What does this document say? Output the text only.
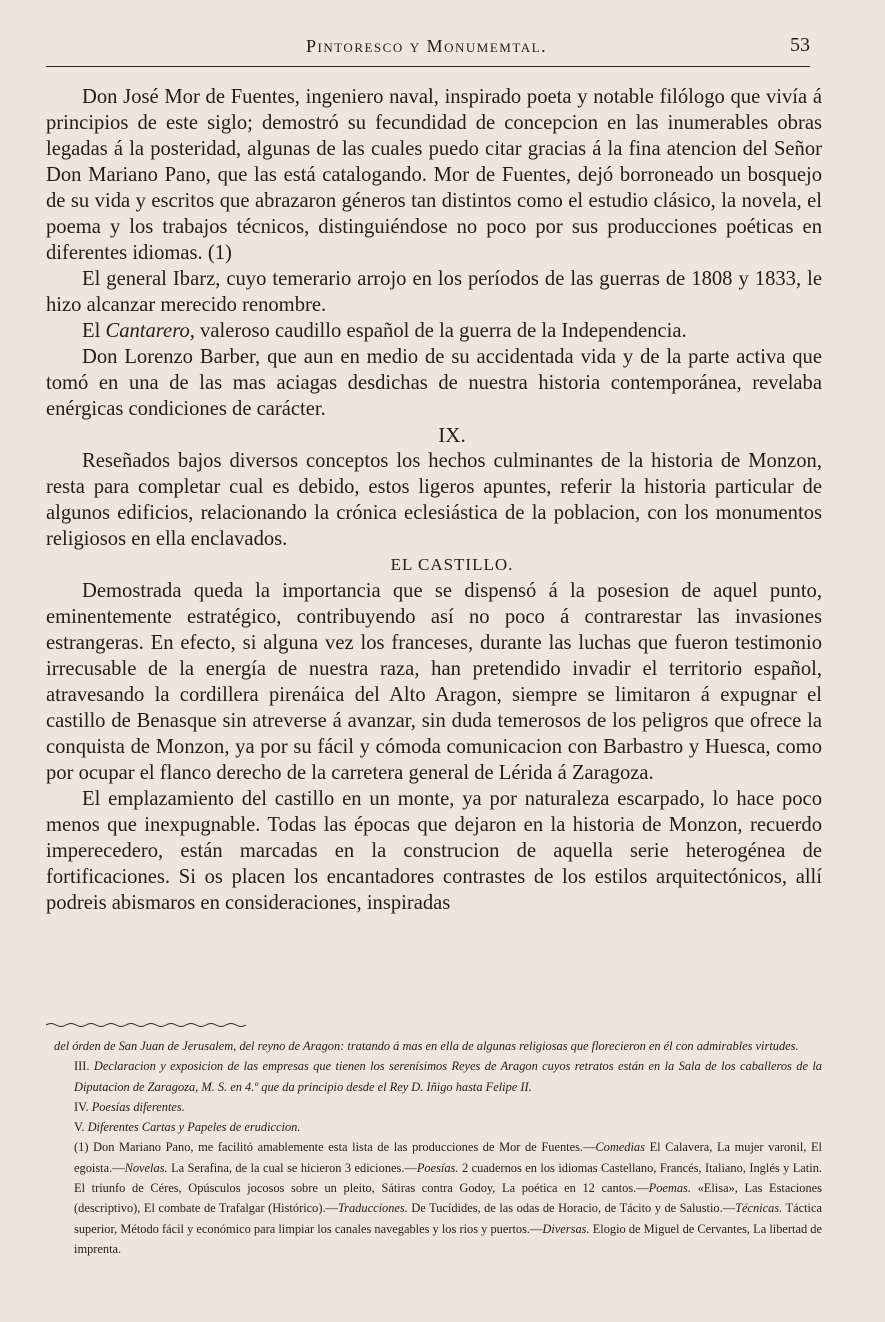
Pintoresco y Monumemtal.	53

Don José Mor de Fuentes, ingeniero naval, inspirado poeta y notable filólogo que vivía á principios de este siglo; demostró su fecundidad de concepcion en las inumerables obras legadas á la posteridad, algunas de las cuales puedo citar gracias á la fina atencion del Señor Don Mariano Pano, que las está catalogando. Mor de Fuentes, dejó borroneado un bosquejo de su vida y escritos que abrazaron géneros tan distintos como el estudio clásico, la novela, el poema y los trabajos técnicos, distinguiéndose no poco por sus producciones poéticas en diferentes idiomas. (1)

El general Ibarz, cuyo temerario arrojo en los períodos de las guerras de 1808 y 1833, le hizo alcanzar merecido renombre.

El Cantarero, valeroso caudillo español de la guerra de la Independencia.

Don Lorenzo Barber, que aun en medio de su accidentada vida y de la parte activa que tomó en una de las mas aciagas desdichas de nuestra historia contemporánea, revelaba enérgicas condiciones de carácter.

IX.

Reseñados bajos diversos conceptos los hechos culminantes de la historia de Monzon, resta para completar cual es debido, estos ligeros apuntes, referir la historia particular de algunos edificios, relacionando la crónica eclesiástica de la poblacion, con los monumentos religiosos en ella enclavados.

EL CASTILLO.

Demostrada queda la importancia que se dispensó á la posesion de aquel punto, eminentemente estratégico, contribuyendo así no poco á contrarestar las invasiones estrangeras. En efecto, si alguna vez los franceses, durante las luchas que fueron testimonio irrecusable de la energía de nuestra raza, han pretendido invadir el territorio español, atravesando la cordillera pirenáica del Alto Aragon, siempre se limitaron á expugnar el castillo de Benasque sin atreverse á avanzar, sin duda temerosos de los peligros que ofrece la conquista de Monzon, ya por su fácil y cómoda comunicacion con Barbastro y Huesca, como por ocupar el flanco derecho de la carretera general de Lérida á Zaragoza.

El emplazamiento del castillo en un monte, ya por naturaleza escarpado, lo hace poco menos que inexpugnable. Todas las épocas que dejaron en la historia de Monzon, recuerdo imperecedero, están marcadas en la construcion de aquella serie heterogénea de fortificaciones. Si os placen los encantadores contrastes de los estilos arquitectónicos, allí podreis abismaros en consideraciones, inspiradas

del órden de San Juan de Jerusalem, del reyno de Aragon: tratando á mas en ella de algunas religiosas que florecieron en él con admirables virtudes.

III. Declaracion y exposicion de las empresas que tienen los serenísimos Reyes de Aragon cuyos retratos están en la Sala de los caballeros de la Diputacion de Zaragoza, M. S. en 4.º que da principio desde el Rey D. Iñigo hasta Felipe II.

IV. Poesías diferentes.

V. Diferentes Cartas y Papeles de erudiccion.

(1) Don Mariano Pano, me facilitó amablemente esta lista de las producciones de Mor de Fuentes.—Comedias El Calavera, La mujer varonil, El egoista.—Novelas. La Serafina, de la cual se hicieron 3 ediciones.—Poesías. 2 cuadernos en los idiomas Castellano, Francés, Italiano, Inglés y Latin. El triunfo de Céres, Opúsculos jocosos sobre un pleito, Sátiras contra Godoy, La poética en 12 cantos.—Poemas. «Elisa», Las Estaciones (descriptivo), El combate de Trafalgar (Histórico).—Traducciones. De Tucídides, de las odas de Horacio, de Tácito y de Salustio.—Técnicas. Táctica superior, Método fácil y económico para limpiar los canales navegables y los rios y puertos.—Diversas. Elogio de Miguel de Cervantes, La libertad de imprenta.
